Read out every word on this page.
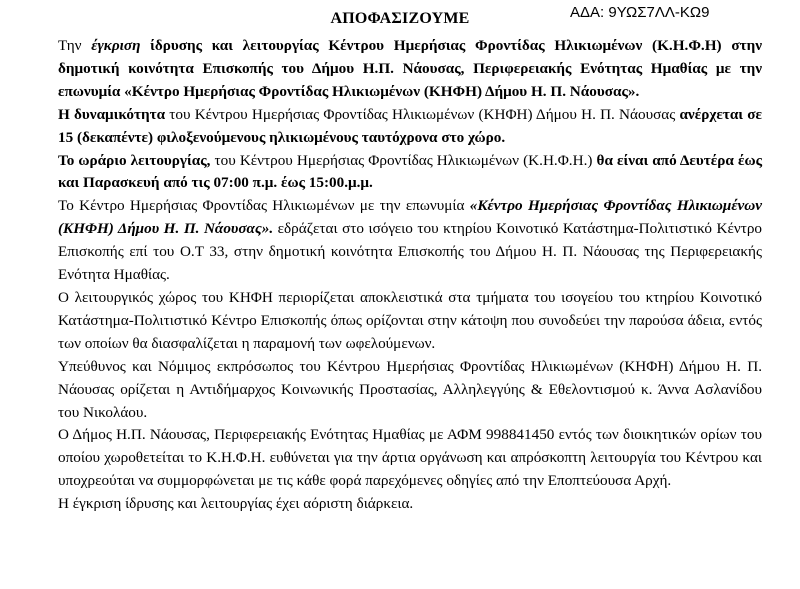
ΑΔΑ: 9ΥΩΣ7ΛΛ-ΚΩ9
ΑΠΟΦΑΣΙΖΟΥΜΕ

Την έγκριση ίδρυσης και λειτουργίας Κέντρου Ημερήσιας Φροντίδας Ηλικιωμένων (Κ.Η.Φ.Η) στην δημοτική κοινότητα Επισκοπής του Δήμου Η.Π. Νάουσας, Περιφερειακής Ενότητας Ημαθίας με την επωνυμία «Κέντρο Ημερήσιας Φροντίδας Ηλικιωμένων (ΚΗΦΗ) Δήμου Η. Π. Νάουσας».

Η δυναμικότητα του Κέντρου Ημερήσιας Φροντίδας Ηλικιωμένων (ΚΗΦΗ) Δήμου Η. Π. Νάουσας ανέρχεται σε 15 (δεκαπέντε) φιλοξενούμενους ηλικιωμένους ταυτόχρονα στο χώρο.

Το ωράριο λειτουργίας, του Κέντρου Ημερήσιας Φροντίδας Ηλικιωμένων (Κ.Η.Φ.Η.) θα είναι από Δευτέρα έως και Παρασκευή από τις 07:00 π.μ. έως 15:00.μ.μ.

Το Κέντρο Ημερήσιας Φροντίδας Ηλικιωμένων με την επωνυμία «Κέντρο Ημερήσιας Φροντίδας Ηλικιωμένων (ΚΗΦΗ) Δήμου Η. Π. Νάουσας». εδράζεται στο ισόγειο του κτηρίου Κοινοτικό Κατάστημα-Πολιτιστικό Κέντρο Επισκοπής επί του Ο.Τ 33, στην δημοτική κοινότητα Επισκοπής του Δήμου Η. Π. Νάουσας της Περιφερειακής Ενότητα Ημαθίας.

Ο λειτουργικός χώρος του ΚΗΦΗ περιορίζεται αποκλειστικά στα τμήματα του ισογείου του κτηρίου Κοινοτικό Κατάστημα-Πολιτιστικό Κέντρο Επισκοπής όπως ορίζονται στην κάτοψη που συνοδεύει την παρούσα άδεια, εντός των οποίων θα διασφαλίζεται η παραμονή των ωφελούμενων.

Υπεύθυνος και Νόμιμος εκπρόσωπος του Κέντρου Ημερήσιας Φροντίδας Ηλικιωμένων (ΚΗΦΗ) Δήμου Η. Π. Νάουσας ορίζεται η Αντιδήμαρχος Κοινωνικής Προστασίας, Αλληλεγγύης & Εθελοντισμού κ. Άννα Ασλανίδου του Νικολάου.

Ο Δήμος Η.Π. Νάουσας, Περιφερειακής Ενότητας Ημαθίας με ΑΦΜ 998841450 εντός των διοικητικών ορίων του οποίου χωροθετείται το Κ.Η.Φ.Η. ευθύνεται για την άρτια οργάνωση και απρόσκοπτη λειτουργία του Κέντρου και υποχρεούται να συμμορφώνεται με τις κάθε φορά παρεχόμενες οδηγίες από την Εποπτεύουσα Αρχή.

Η έγκριση ίδρυσης και λειτουργίας έχει αόριστη διάρκεια.
